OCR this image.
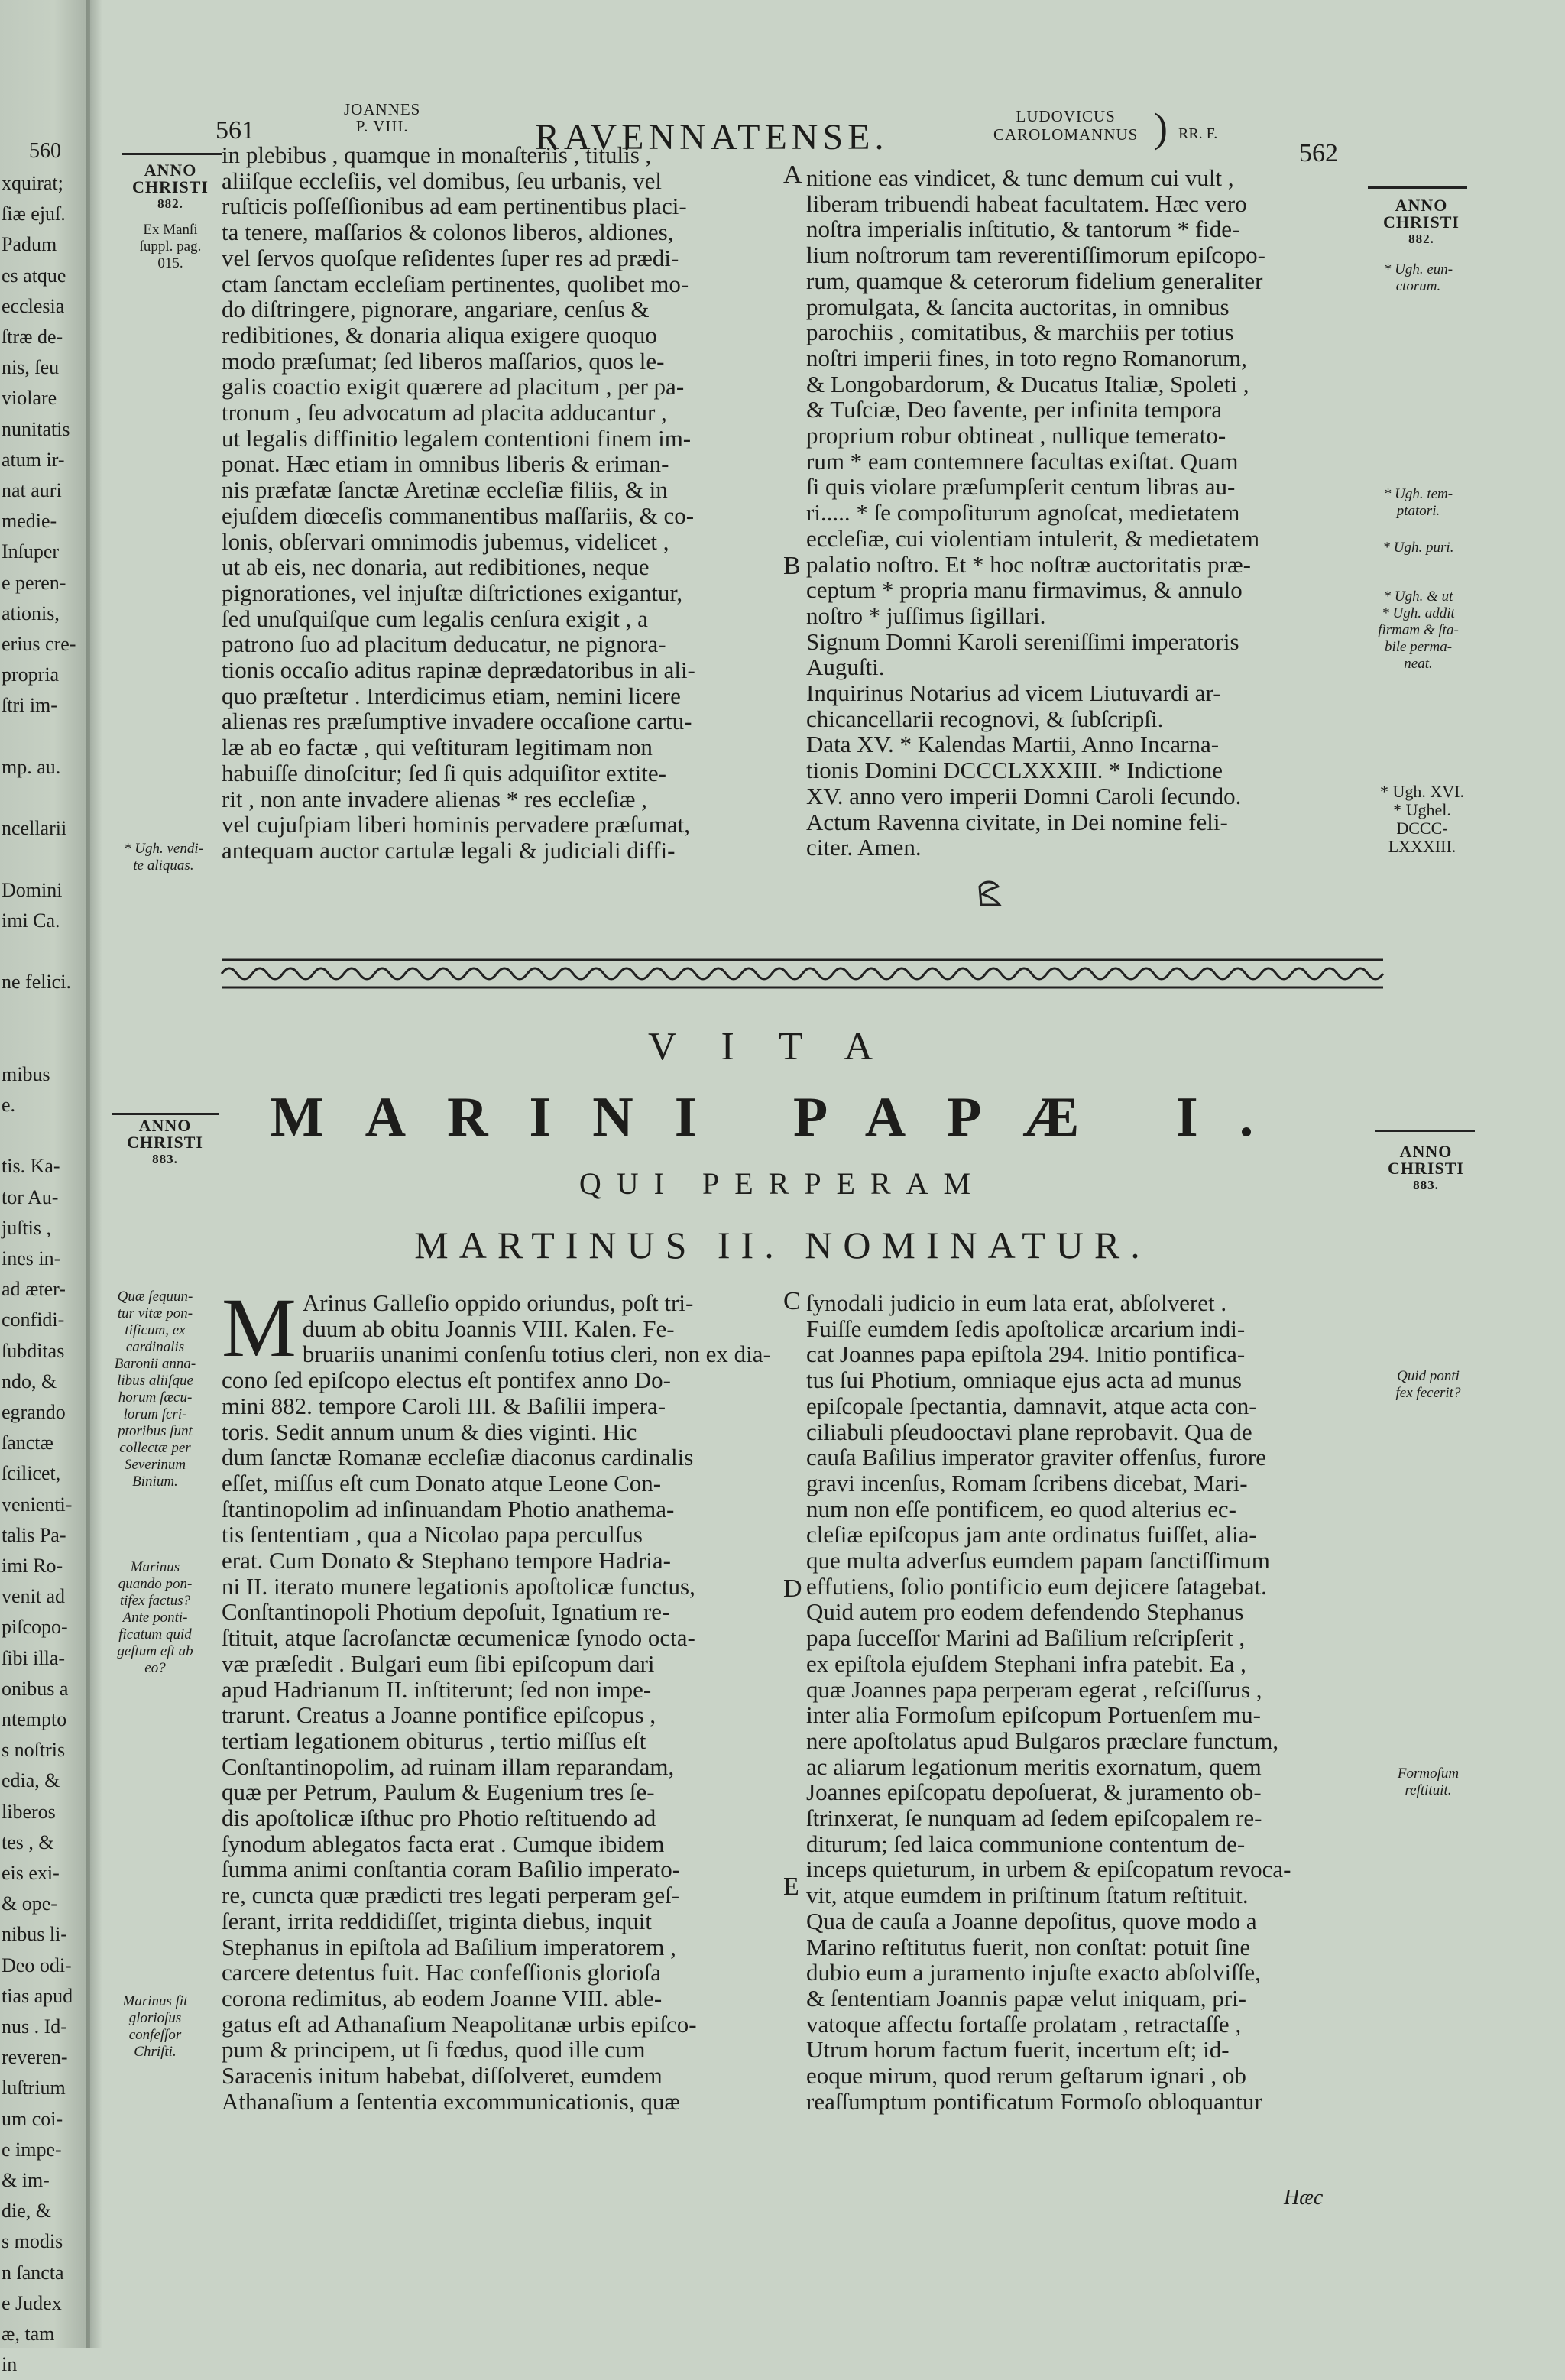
560
xquirat;
ſiæ ejuſ.
Padum
es atque
ecclesia
ſtræ de-
nis, ſeu
violare
nunitatis
atum ir-
nat auri
medie-
Inſuper
e peren-
ationis,
erius cre-
propria
ſtri im-
mp. au.
ncellarii
Domini
imi Ca.
ne felici.
mibus
e.
tis. Ka-
tor Au-
juſtis ,
ines in-
ad æter-
confidi-
ſubditas
ndo, &
egrando
ſanctæ
ſcilicet,
venienti-
talis Pa-
imi Ro-
venit ad
piſcopo-
ſibi illa-
onibus a
ntempto
s noſtris
edia, &
liberos
tes , &
eis exi-
& ope-
nibus li-
Deo odi-
tias apud
nus . Id-
reveren-
luſtrium
um coi-
e impe-
& im-
die, &
s modis
n ſancta
e Judex
æ, tam
in
561
JOANNES
P. VIII.	RAVENNATENSE.
LUDOVICUS
CAROLOMANNUS ) RR. F.
562
ANNO
CHRISTI
882.
Ex Manſi
ſuppl. pag.
015.
* Ugh. vendi-
te aliquas.
in plebibus , quamque in monaſteriis , titulis ,
aliiſque eccleſiis, vel domibus, ſeu urbanis, vel
ruſticis poſſeſſionibus ad eam pertinentibus placi-
ta tenere, maſſarios & colonos liberos, aldiones,
vel ſervos quoſque reſidentes ſuper res ad prædi-
ctam ſanctam eccleſiam pertinentes, quolibet mo-
do diſtringere, pignorare, angariare, cenſus &
redibitiones, & donaria aliqua exigere quoquo
modo præſumat; ſed liberos maſſarios, quos le-
galis coactio exigit quærere ad placitum , per pa-
tronum , ſeu advocatum ad placita adducantur ,
ut legalis diffinitio legalem contentioni finem im-
ponat. Hæc etiam in omnibus liberis & eriman-
nis præfatæ ſanctæ Aretinæ eccleſiæ filiis, & in
ejuſdem diœceſis commanentibus maſſariis, & co-
lonis, obſervari omnimodis jubemus, videlicet ,
ut ab eis, nec donaria, aut redibitiones, neque
pignorationes, vel injuſtæ diſtrictiones exigantur,
ſed unuſquiſque cum legalis cenſura exigit , a
patrono ſuo ad placitum deducatur, ne pignora-
tionis occaſio aditus rapinæ deprædatoribus in ali-
quo præſtetur . Interdicimus etiam, nemini licere
alienas res præſumptive invadere occaſione cartu-
læ ab eo factæ , qui veſtituram legitimam non
habuiſſe dinoſcitur; ſed ſi quis adquiſitor extite-
rit , non ante invadere alienas * res eccleſiæ ,
vel cujuſpiam liberi hominis pervadere præſumat,
antequam auctor cartulæ legali & judiciali diffi-
nitione eas vindicet, & tunc demum cui vult ,
liberam tribuendi habeat facultatem. Hæc vero
noſtra imperialis inſtitutio, & tantorum * fide-
lium noſtrorum tam reverentiſſimorum epiſcopo-
rum, quamque & ceterorum fidelium generaliter
promulgata, & ſancita auctoritas, in omnibus
parochiis , comitatibus, & marchiis per totius
noſtri imperii fines, in toto regno Romanorum,
& Longobardorum, & Ducatus Italiæ, Spoleti ,
& Tuſciæ, Deo favente, per infinita tempora
proprium robur obtineat , nullique temerato-
rum * eam contemnere facultas exiſtat. Quam
ſi quis violare præſumpſerit centum libras au-
ri..... * ſe compoſiturum agnoſcat, medietatem
eccleſiæ, cui violentiam intulerit, & medietatem
palatio noſtro. Et * hoc noſtræ auctoritatis præ-
ceptum * propria manu firmavimus, & annulo
noſtro * juſſimus ſigillari.
Signum Domni Karoli sereniſſimi imperatoris
Auguſti.
Inquirinus Notarius ad vicem Liutuvardi ar-
chicancellarii recognovi, & ſubſcripſi.
Data XV. * Kalendas Martii, Anno Incarna-
tionis Domini DCCCLXXXIII. * Indictione
XV. anno vero imperii Domni Caroli ſecundo.
Actum Ravenna civitate, in Dei nomine feli-
citer. Amen.
A
B
ANNO
CHRISTI
882.
* Ugh. eun-
ctorum.
* Ugh. tem-
ptatori.
* Ugh. puri.
* Ugh. & ut
* Ugh. addit
firmam & ſta-
bile perma-
neat.
* Ugh. XVI.
* Ughel.
DCCC-
LXXXIII.
VITA
MARINI PAPÆ I.
QUI PERPERAM
MARTINUS II. NOMINATUR.
ANNO
CHRISTI
883.
Quæ ſequun-
tur vitæ pon-
tificum, ex
cardinalis
Baronii anna-
libus aliiſque
horum ſæcu-
lorum ſcri-
ptoribus ſunt
collectæ per
Severinum
Binium.
Marinus
quando pon-
tifex factus?
Ante ponti-
ficatum quid
geſtum eſt ab
eo?
Marinus fit
glorioſus
confeſſor
Chriſti.
ANNO
CHRISTI
883.
Quid ponti
fex fecerit?
Formoſum
reſtituit.
M Arinus Galleſio oppido oriundus, poſt tri-
duum ab obitu Joannis VIII. Kalen. Fe-
bruariis unanimi conſenſu totius cleri, non ex dia-
cono ſed epiſcopo electus eſt pontifex anno Do-
mini 882. tempore Caroli III. & Baſilii impera-
toris. Sedit annum unum & dies viginti. Hic
dum ſanctæ Romanæ eccleſiæ diaconus cardinalis
eſſet, miſſus eſt cum Donato atque Leone Con-
ſtantinopolim ad inſinuandam Photio anathema-
tis ſententiam , qua a Nicolao papa perculſus
erat. Cum Donato & Stephano tempore Hadria-
ni II. iterato munere legationis apoſtolicæ functus,
Conſtantinopoli Photium depoſuit, Ignatium re-
ſtituit, atque ſacroſanctæ œcumenicæ ſynodo octa-
væ præſedit . Bulgari eum ſibi epiſcopum dari
apud Hadrianum II. inſtiterunt; ſed non impe-
trarunt. Creatus a Joanne pontifice epiſcopus ,
tertiam legationem obiturus , tertio miſſus eſt
Conſtantinopolim, ad ruinam illam reparandam,
quæ per Petrum, Paulum & Eugenium tres ſe-
dis apoſtolicæ iſthuc pro Photio reſtituendo ad
ſynodum ablegatos facta erat . Cumque ibidem
ſumma animi conſtantia coram Baſilio imperato-
re, cuncta quæ prædicti tres legati perperam geſ-
ſerant, irrita reddidiſſet, triginta diebus, inquit
Stephanus in epiſtola ad Baſilium imperatorem ,
carcere detentus fuit. Hac confeſſionis glorioſa
corona redimitus, ab eodem Joanne VIII. able-
gatus eſt ad Athanaſium Neapolitanæ urbis epiſco-
pum & principem, ut ſi fœdus, quod ille cum
Saracenis initum habebat, diſſolveret, eumdem
Athanaſium a ſententia excommunicationis, quæ
ſynodali judicio in eum lata erat, abſolveret .
Fuiſſe eumdem ſedis apoſtolicæ arcarium indi-
cat Joannes papa epiſtola 294. Initio pontifica-
tus ſui Photium, omniaque ejus acta ad munus
epiſcopale ſpectantia, damnavit, atque acta con-
ciliabuli pſeudooctavi plane reprobavit. Qua de
cauſa Baſilius imperator graviter offenſus, furore
gravi incenſus, Romam ſcribens dicebat, Mari-
num non eſſe pontificem, eo quod alterius ec-
cleſiæ epiſcopus jam ante ordinatus fuiſſet, alia-
que multa adverſus eumdem papam ſanctiſſimum
effutiens, ſolio pontificio eum dejicere ſatagebat.
Quid autem pro eodem defendendo Stephanus
papa ſucceſſor Marini ad Baſilium reſcripſerit ,
ex epiſtola ejuſdem Stephani infra patebit. Ea ,
quæ Joannes papa perperam egerat , reſciſſurus ,
inter alia Formoſum epiſcopum Portuenſem mu-
nere apoſtolatus apud Bulgaros præclare functum,
ac aliarum legationum meritis exornatum, quem
Joannes epiſcopatu depoſuerat, & juramento ob-
ſtrinxerat, ſe nunquam ad ſedem epiſcopalem re-
diturum; ſed laica communione contentum de-
inceps quieturum, in urbem & epiſcopatum revoca-
vit, atque eumdem in priſtinum ſtatum reſtituit.
Qua de cauſa a Joanne depoſitus, quove modo a
Marino reſtitutus fuerit, non conſtat: potuit ſine
dubio eum a juramento injuſte exacto abſolviſſe,
& ſententiam Joannis papæ velut iniquam, pri-
vatoque affectu fortaſſe prolatam , retractaſſe ,
Utrum horum factum fuerit, incertum eſt; id-
eoque mirum, quod rerum geſtarum ignari , ob
reaſſumptum pontificatum Formoſo obloquantur
C
D
E
Hæc
